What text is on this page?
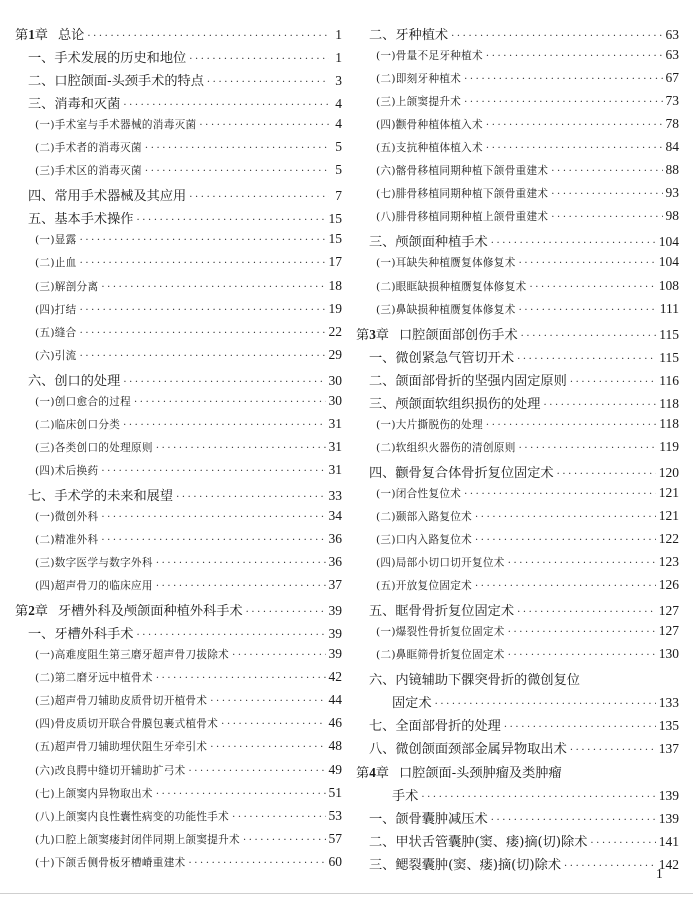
第1章 总论 ·····	1
一、手术发展的历史和地位 ·····	1
二、口腔颌面-头颈手术的特点 ·····	3
三、消毒和灭菌 ·····	4
(一)手术室与手术器械的消毒灭菌 ·····	4
(二)手术者的消毒灭菌 ·····	5
(三)手术区的消毒灭菌 ·····	5
四、常用手术器械及其应用 ·····	7
五、基本手术操作 ·····	15
(一)显露 ·····	15
(二)止血 ·····	17
(三)解剖分离 ·····	18
(四)打结 ·····	19
(五)缝合 ·····	22
(六)引流 ·····	29
六、创口的处理 ·····	30
(一)创口愈合的过程 ·····	30
(二)临床创口分类 ·····	31
(三)各类创口的处理原则 ·····	31
(四)术后换药 ·····	31
七、手术学的未来和展望 ·····	33
(一)微创外科 ·····	34
(二)精准外科 ·····	36
(三)数字医学与数字外科 ·····	36
(四)超声骨刀的临床应用 ·····	37
第2章 牙槽外科及颅颌面种植外科手术 ·····	39
一、牙槽外科手术 ·····	39
(一)高难度阻生第三磨牙超声骨刀拔除术 ·····	39
(二)第二磨牙远中植骨术 ·····	42
(三)超声骨刀辅助皮质骨切开植骨术 ·····	44
(四)骨皮质切开联合骨膜包裹式植骨术 ·····	46
(五)超声骨刀辅助埋伏阻生牙牵引术 ·····	48
(六)改良腭中缝切开辅助扩弓术 ·····	49
(七)上颌窦内异物取出术 ·····	51
(八)上颌窦内良性囊性病变的功能性手术 ·····	53
(九)口腔上颌窦瘘封闭伴同期上颌窦提升术 ·····	57
(十)下颌舌侧骨板牙槽嵴重建术 ·····	60
二、牙种植术 ·····	63
(一)骨量不足牙种植术 ·····	63
(二)即刻牙种植术 ·····	67
(三)上颌窦提升术 ·····	73
(四)颧骨种植体植入术 ·····	78
(五)支抗种植体植入术 ·····	84
(六)髂骨移植同期种植下颌骨重建术 ·····	88
(七)腓骨移植同期种植下颌骨重建术 ·····	93
(八)腓骨移植同期种植上颌骨重建术 ·····	98
三、颅颌面种植手术 ·····	104
(一)耳缺失种植赝复体修复术 ·····	104
(二)眼眶缺损种植赝复体修复术 ·····	108
(三)鼻缺损种植赝复体修复术 ·····	111
第3章 口腔颌面部创伤手术 ·····	115
一、微创紧急气管切开术 ·····	115
二、颌面部骨折的坚强内固定原则 ·····	116
三、颅颌面软组织损伤的处理 ·····	118
(一)大片撕脱伤的处理 ·····	118
(二)软组织火器伤的清创原则 ·····	119
四、颧骨复合体骨折复位固定术 ·····	120
(一)闭合性复位术 ·····	121
(二)颞部入路复位术 ·····	121
(三)口内入路复位术 ·····	122
(四)局部小切口切开复位术 ·····	123
(五)开放复位固定术 ·····	126
五、眶骨骨折复位固定术 ·····	127
(一)爆裂性骨折复位固定术 ·····	127
(二)鼻眶筛骨折复位固定术 ·····	130
六、内镜辅助下髁突骨折的微创复位
固定术 ·····	133
七、全面部骨折的处理 ·····	135
八、微创颌面颈部金属异物取出术 ·····	137
第4章 口腔颌面-头颈肿瘤及类肿瘤
手术 ·····	139
一、颌骨囊肿减压术 ·····	139
二、甲状舌管囊肿(窦、瘘)摘(切)除术 ·····	141
三、鳃裂囊肿(窦、瘘)摘(切)除术 ·····	142
1
